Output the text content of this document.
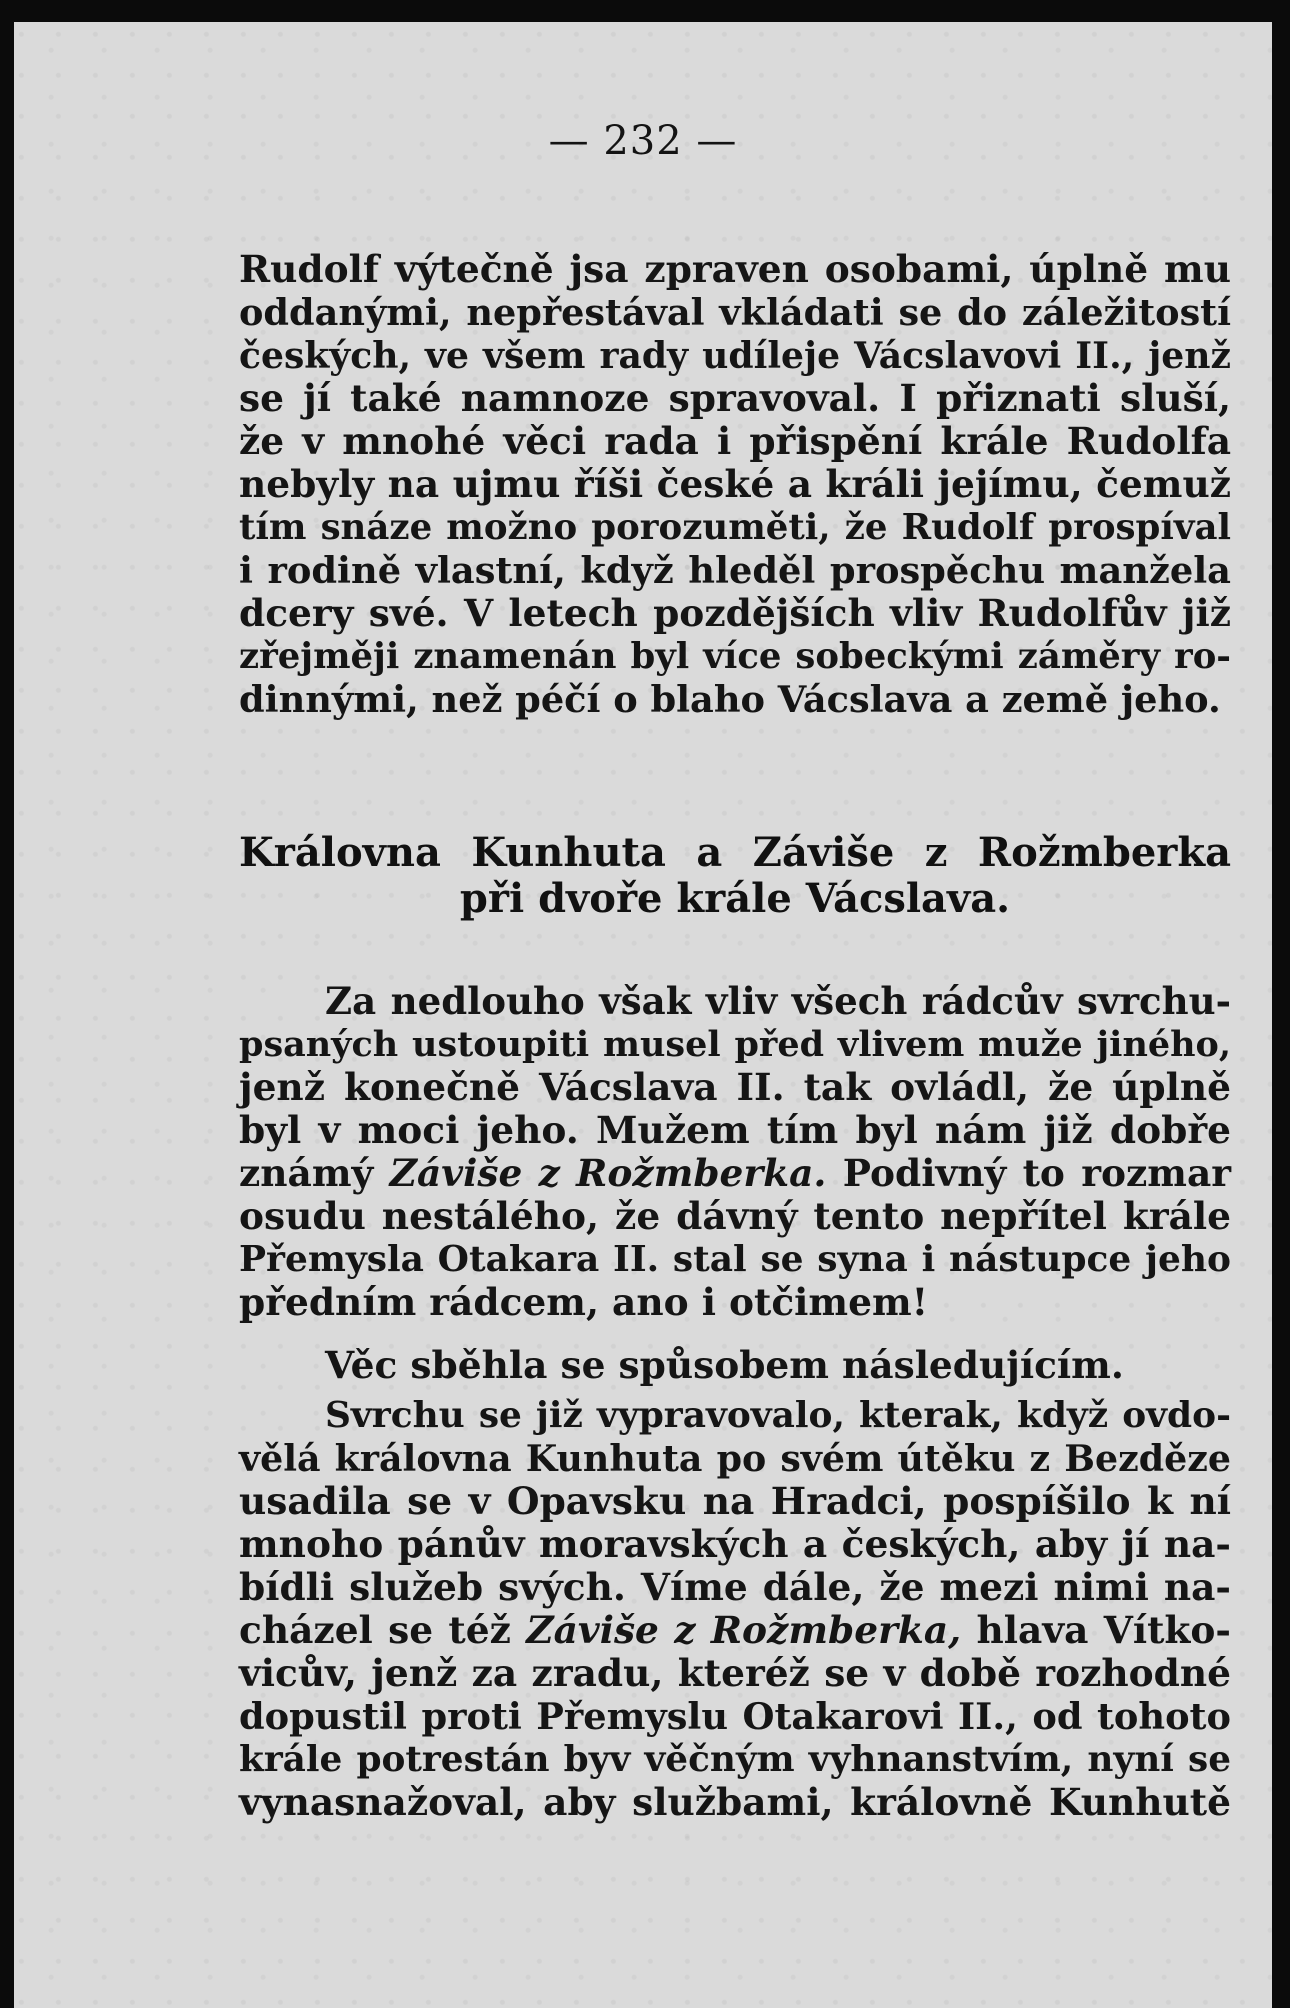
— 232 —
Rudolf výtečně jsa zpraven osobami, úplně mu
oddanými, nepřestával vkládati se do záležitostí
českých, ve všem rady udíleje Vácslavovi II., jenž
se jí také namnoze spravoval. I přiznati sluší,
že v mnohé věci rada i přispění krále Rudolfa
nebyly na ujmu říši české a králi jejímu, čemuž
tím snáze možno porozuměti, že Rudolf prospíval
i rodině vlastní, když hleděl prospěchu manžela
dcery své. V letech pozdějších vliv Rudolfův již
zřejměji znamenán byl více sobeckými záměry ro-
dinnými, než péčí o blaho Vácslava a země jeho.
Královna Kunhuta a Záviše z Rožmberka
při dvoře krále Vácslava.
Za nedlouho však vliv všech rádcův svrchu-
psaných ustoupiti musel před vlivem muže jiného,
jenž konečně Vácslava II. tak ovládl, že úplně
byl v moci jeho. Mužem tím byl nám již dobře
známý Záviše z Rožmberka. Podivný to rozmar
osudu nestálého, že dávný tento nepřítel krále
Přemysla Otakara II. stal se syna i nástupce jeho
předním rádcem, ano i otčimem!
Věc sběhla se spůsobem následujícím.
Svrchu se již vypravovalo, kterak, když ovdo-
vělá královna Kunhuta po svém útěku z Bezděze
usadila se v Opavsku na Hradci, pospíšilo k ní
mnoho pánův moravských a českých, aby jí na-
bídli služeb svých. Víme dále, že mezi nimi na-
cházel se též Záviše z Rožmberka, hlava Vítko-
vicův, jenž za zradu, kteréž se v době rozhodné
dopustil proti Přemyslu Otakarovi II., od tohoto
krále potrestán byv věčným vyhnanstvím, nyní se
vynasnažoval, aby službami, královně Kunhutě
